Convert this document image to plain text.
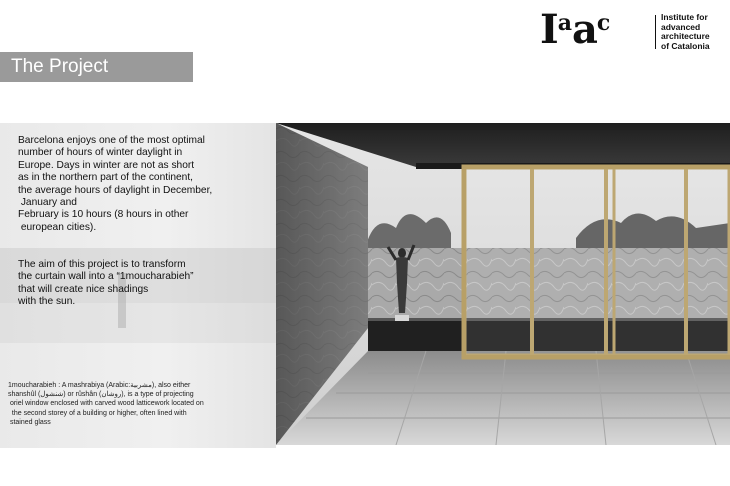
Iaac	Institute for
advanced
architecture
of Catalonia
The Project
Barcelona enjoys one of the most optimal
number of hours of winter daylight in
Europe. Days in winter are not as short
as in the northern part of the continent,
the average hours of daylight in December,
January and
February is 10 hours (8 hours in other
european cities).
The aim of this project is to transform
the curtain wall into a “1moucharabieh”
that will create nice shadings
with the sun.
1moucharabieh : A mashrabiya (Arabic:مشربية), also either
shanshûl (شنشول) or rûshân (روشان), is a type of projecting
oriel window enclosed with carved wood latticework located on
the second storey of a building or higher, often lined with
stained glass
